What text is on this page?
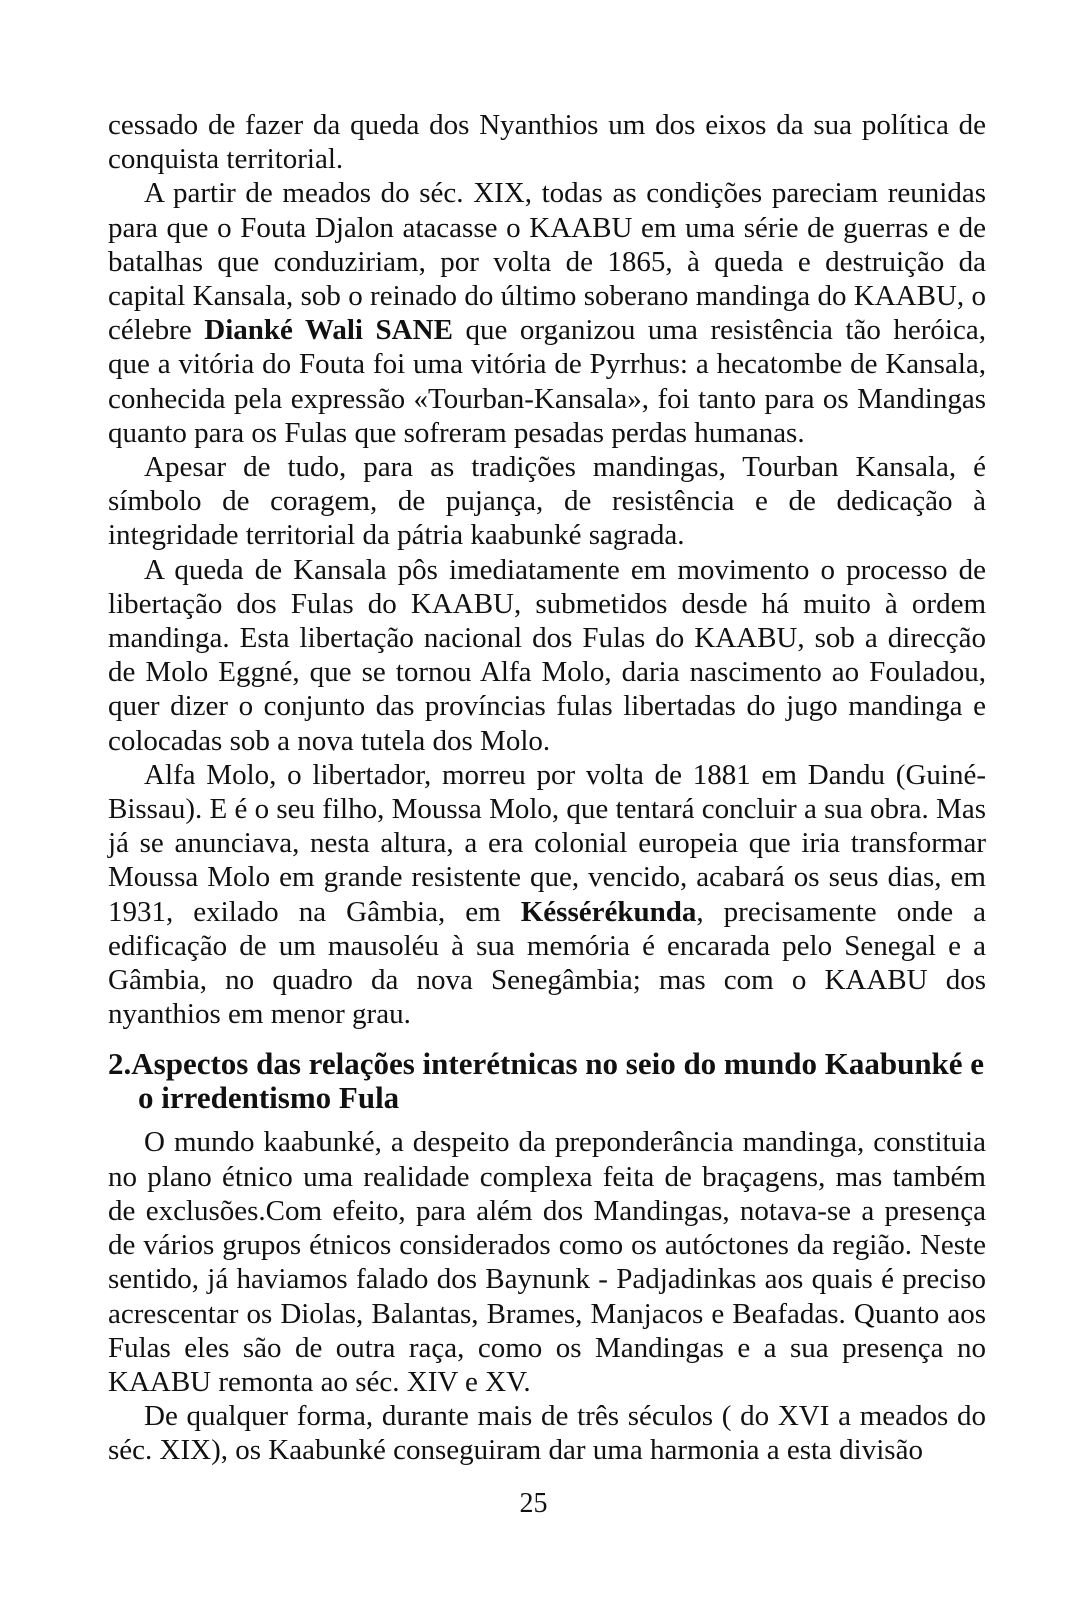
cessado de fazer da queda dos Nyanthios um dos eixos da sua política de conquista territorial.

A partir de meados do séc. XIX, todas as condições pareciam reunidas para que o Fouta Djalon atacasse o KAABU em uma série de guerras e de batalhas que conduziriam, por volta de 1865, à queda e destruição da capital Kansala, sob o reinado do último soberano mandinga do KAABU, o célebre Dianké Wali SANE que organizou uma resistência tão heróica, que a vitória do Fouta foi uma vitória de Pyrrhus: a hecatombe de Kansala, conhecida pela expressão «Tourban-Kansala», foi tanto para os Mandingas quanto para os Fulas que sofreram pesadas perdas humanas.

Apesar de tudo, para as tradições mandingas, Tourban Kansala, é símbolo de coragem, de pujança, de resistência e de dedicação à integridade territorial da pátria kaabunké sagrada.

A queda de Kansala pôs imediatamente em movimento o processo de libertação dos Fulas do KAABU, submetidos desde há muito à ordem mandinga. Esta libertação nacional dos Fulas do KAABU, sob a direcção de Molo Eggné, que se tornou Alfa Molo, daria nascimento ao Fouladou, quer dizer o conjunto das províncias fulas libertadas do jugo mandinga e colocadas sob a nova tutela dos Molo.

Alfa Molo, o libertador, morreu por volta de 1881 em Dandu (Guiné-Bissau). E é o seu filho, Moussa Molo, que tentará concluir a sua obra. Mas já se anunciava, nesta altura, a era colonial europeia que iria transformar Moussa Molo em grande resistente que, vencido, acabará os seus dias, em 1931, exilado na Gâmbia, em Késsérékunda, precisamente onde a edificação de um mausoléu à sua memória é encarada pelo Senegal e a Gâmbia, no quadro da nova Senegâmbia; mas com o KAABU dos nyanthios em menor grau.

2.Aspectos das relações interétnicas no seio do mundo Kaabunké e o irredentismo Fula

O mundo kaabunké, a despeito da preponderância mandinga, constituia no plano étnico uma realidade complexa feita de braçagens, mas também de exclusões.Com efeito, para além dos Mandingas, notava-se a presença de vários grupos étnicos considerados como os autóctones da região. Neste sentido, já haviamos falado dos Baynunk - Padjadinkas aos quais é preciso acrescentar os Diolas, Balantas, Brames, Manjacos e Beafadas. Quanto aos Fulas eles são de outra raça, como os Mandingas e a sua presença no KAABU remonta ao séc. XIV e XV.

De qualquer forma, durante mais de três séculos ( do XVI a meados do séc. XIX), os Kaabunké conseguiram dar uma harmonia a esta divisão

25
